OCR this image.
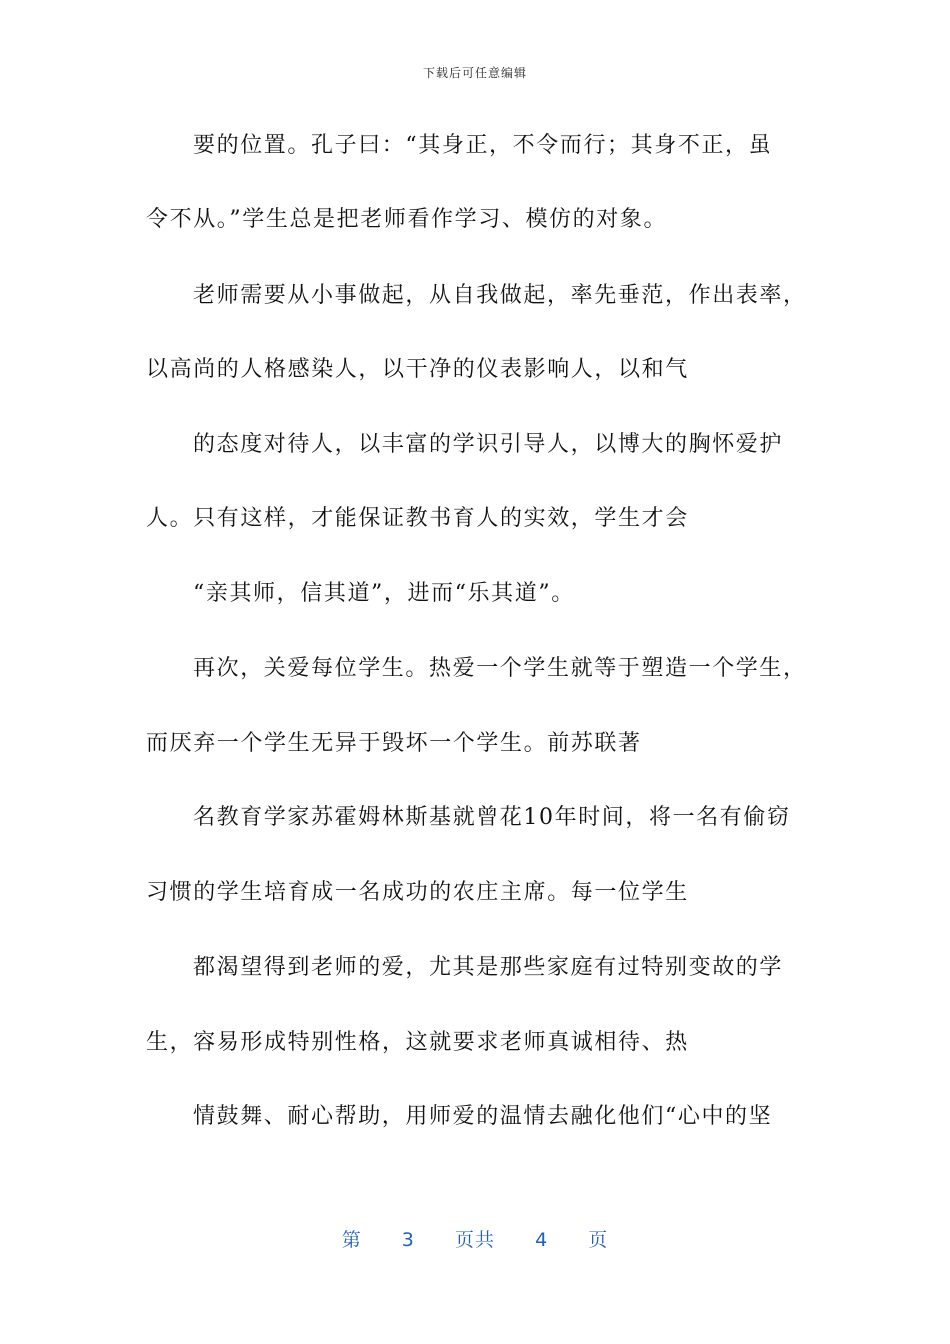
下载后可任意编辑
要的位置。孔子曰：“其身正，不令而行；其身不正，虽
令不从。”学生总是把老师看作学习、模仿的对象。
老师需要从小事做起，从自我做起，率先垂范，作出表率，
以高尚的人格感染人，以干净的仪表影响人，以和气
的态度对待人，以丰富的学识引导人，以博大的胸怀爱护
人。只有这样，才能保证教书育人的实效，学生才会
“亲其师，信其道”，进而“乐其道”。
再次，关爱每位学生。热爱一个学生就等于塑造一个学生，
而厌弃一个学生无异于毁坏一个学生。前苏联著
名教育学家苏霍姆林斯基就曾花10年时间，将一名有偷窃
习惯的学生培育成一名成功的农庄主席。每一位学生
都渴望得到老师的爱，尤其是那些家庭有过特别变故的学
生，容易形成特别性格，这就要求老师真诚相待、热
情鼓舞、耐心帮助，用师爱的温情去融化他们“心中的坚
第 3 页共 4 页
